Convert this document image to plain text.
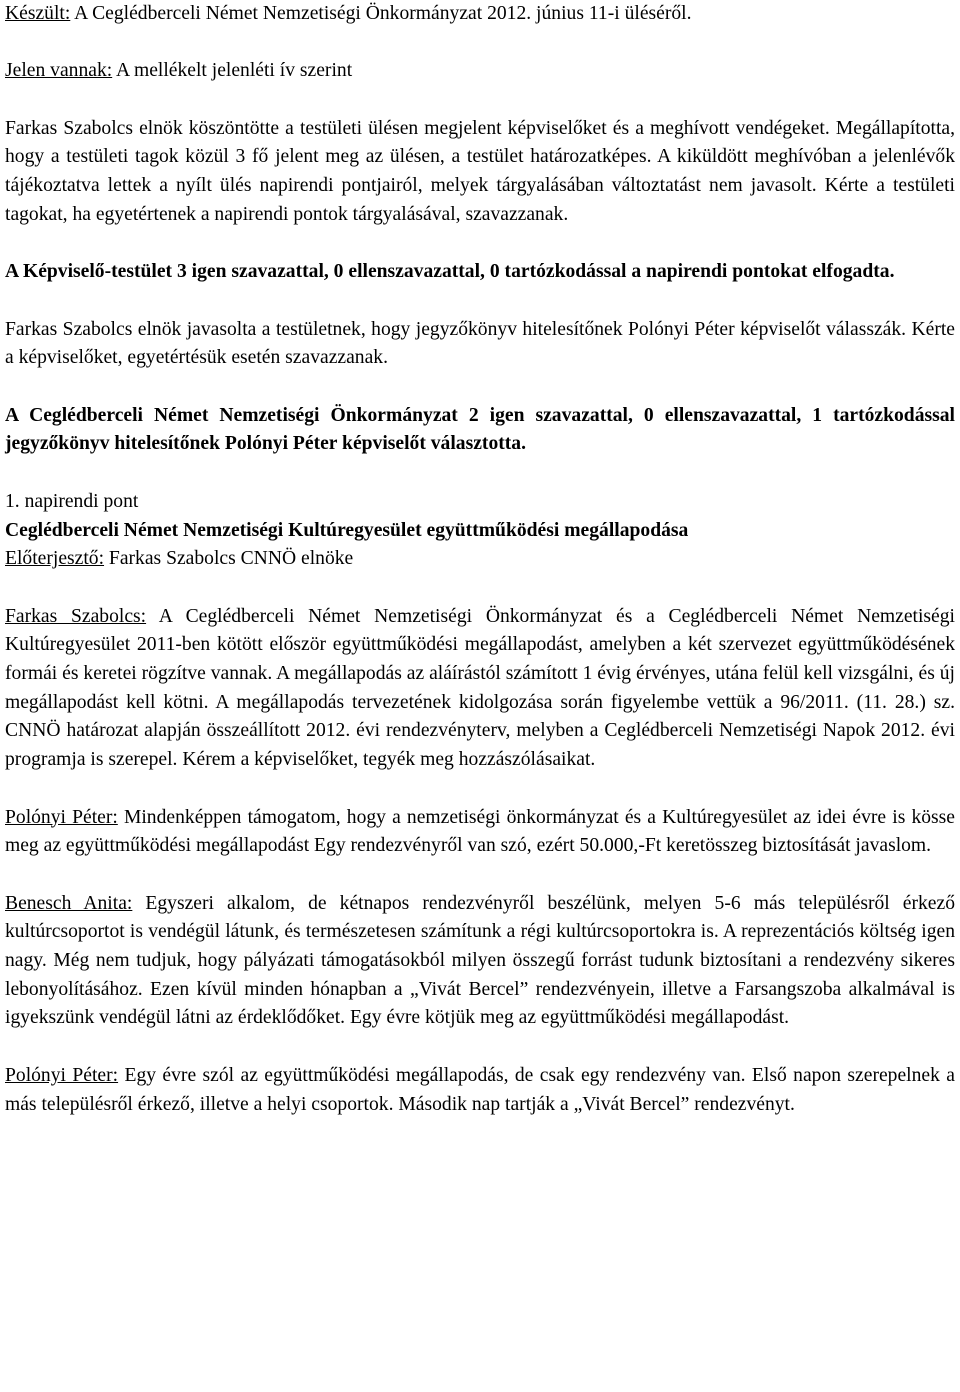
Készült: A Ceglédberceli Német Nemzetiségi Önkormányzat 2012. június 11-i üléséről.

Jelen vannak: A mellékelt jelenléti ív szerint

Farkas Szabolcs elnök köszöntötte a testületi ülésen megjelent képviselőket és a meghívott vendégeket. Megállapította, hogy a testületi tagok közül 3 fő jelent meg az ülésen, a testület határozatképes. A kiküldött meghívóban a jelenlévők tájékoztatva lettek a nyílt ülés napirendi pontjairól, melyek tárgyalásában változtatást nem javasolt. Kérte a testületi tagokat, ha egyetértenek a napirendi pontok tárgyalásával, szavazzanak.

A Képviselő-testület 3 igen szavazattal, 0 ellenszavazattal, 0 tartózkodással a napirendi pontokat elfogadta.

Farkas Szabolcs elnök javasolta a testületnek, hogy jegyzőkönyv hitelesítőnek Polónyi Péter képviselőt válasszák. Kérte a képviselőket, egyetértésük esetén szavazzanak.

A Ceglédberceli Német Nemzetiségi Önkormányzat 2 igen szavazattal, 0 ellenszavazattal, 1 tartózkodással jegyzőkönyv hitelesítőnek Polónyi Péter képviselőt választotta.

1. napirendi pont

Ceglédberceli Német Nemzetiségi Kultúregyesület együttműködési megállapodása

Előterjesztő: Farkas Szabolcs CNNÖ elnöke

Farkas Szabolcs: A Ceglédberceli Német Nemzetiségi Önkormányzat és a Ceglédberceli Német Nemzetiségi Kultúregyesület 2011-ben kötött először együttműködési megállapodást, amelyben a két szervezet együttműködésének formái és keretei rögzítve vannak. A megállapodás az aláírástól számított 1 évig érvényes, utána felül kell vizsgálni, és új megállapodást kell kötni. A megállapodás tervezetének kidolgozása során figyelembe vettük a 96/2011. (11. 28.) sz. CNNÖ határozat alapján összeállított 2012. évi rendezvényterv, melyben a Ceglédberceli Nemzetiségi Napok 2012. évi programja is szerepel. Kérem a képviselőket, tegyék meg hozzászólásaikat.

Polónyi Péter: Mindenképpen támogatom, hogy a nemzetiségi önkormányzat és a Kultúregyesület az idei évre is kösse meg az együttműködési megállapodást Egy rendezvényről van szó, ezért 50.000,-Ft keretösszeg biztosítását javaslom.

Benesch Anita: Egyszeri alkalom, de kétnapos rendezvényről beszélünk, melyen 5-6 más településről érkező kultúrcsoportot is vendégül látunk, és természetesen számítunk a régi kultúrcsoportokra is. A reprezentációs költség igen nagy. Még nem tudjuk, hogy pályázati támogatásokból milyen összegű forrást tudunk biztosítani a rendezvény sikeres lebonyolításához. Ezen kívül minden hónapban a „Vivát Bercel” rendezvényein, illetve a Farsangszoba alkalmával is igyekszünk vendégül látni az érdeklődőket. Egy évre kötjük meg az együttműködési megállapodást.

Polónyi Péter: Egy évre szól az együttműködési megállapodás, de csak egy rendezvény van. Első napon szerepelnek a más településről érkező, illetve a helyi csoportok. Második nap tartják a „Vivát Bercel” rendezvényt.
